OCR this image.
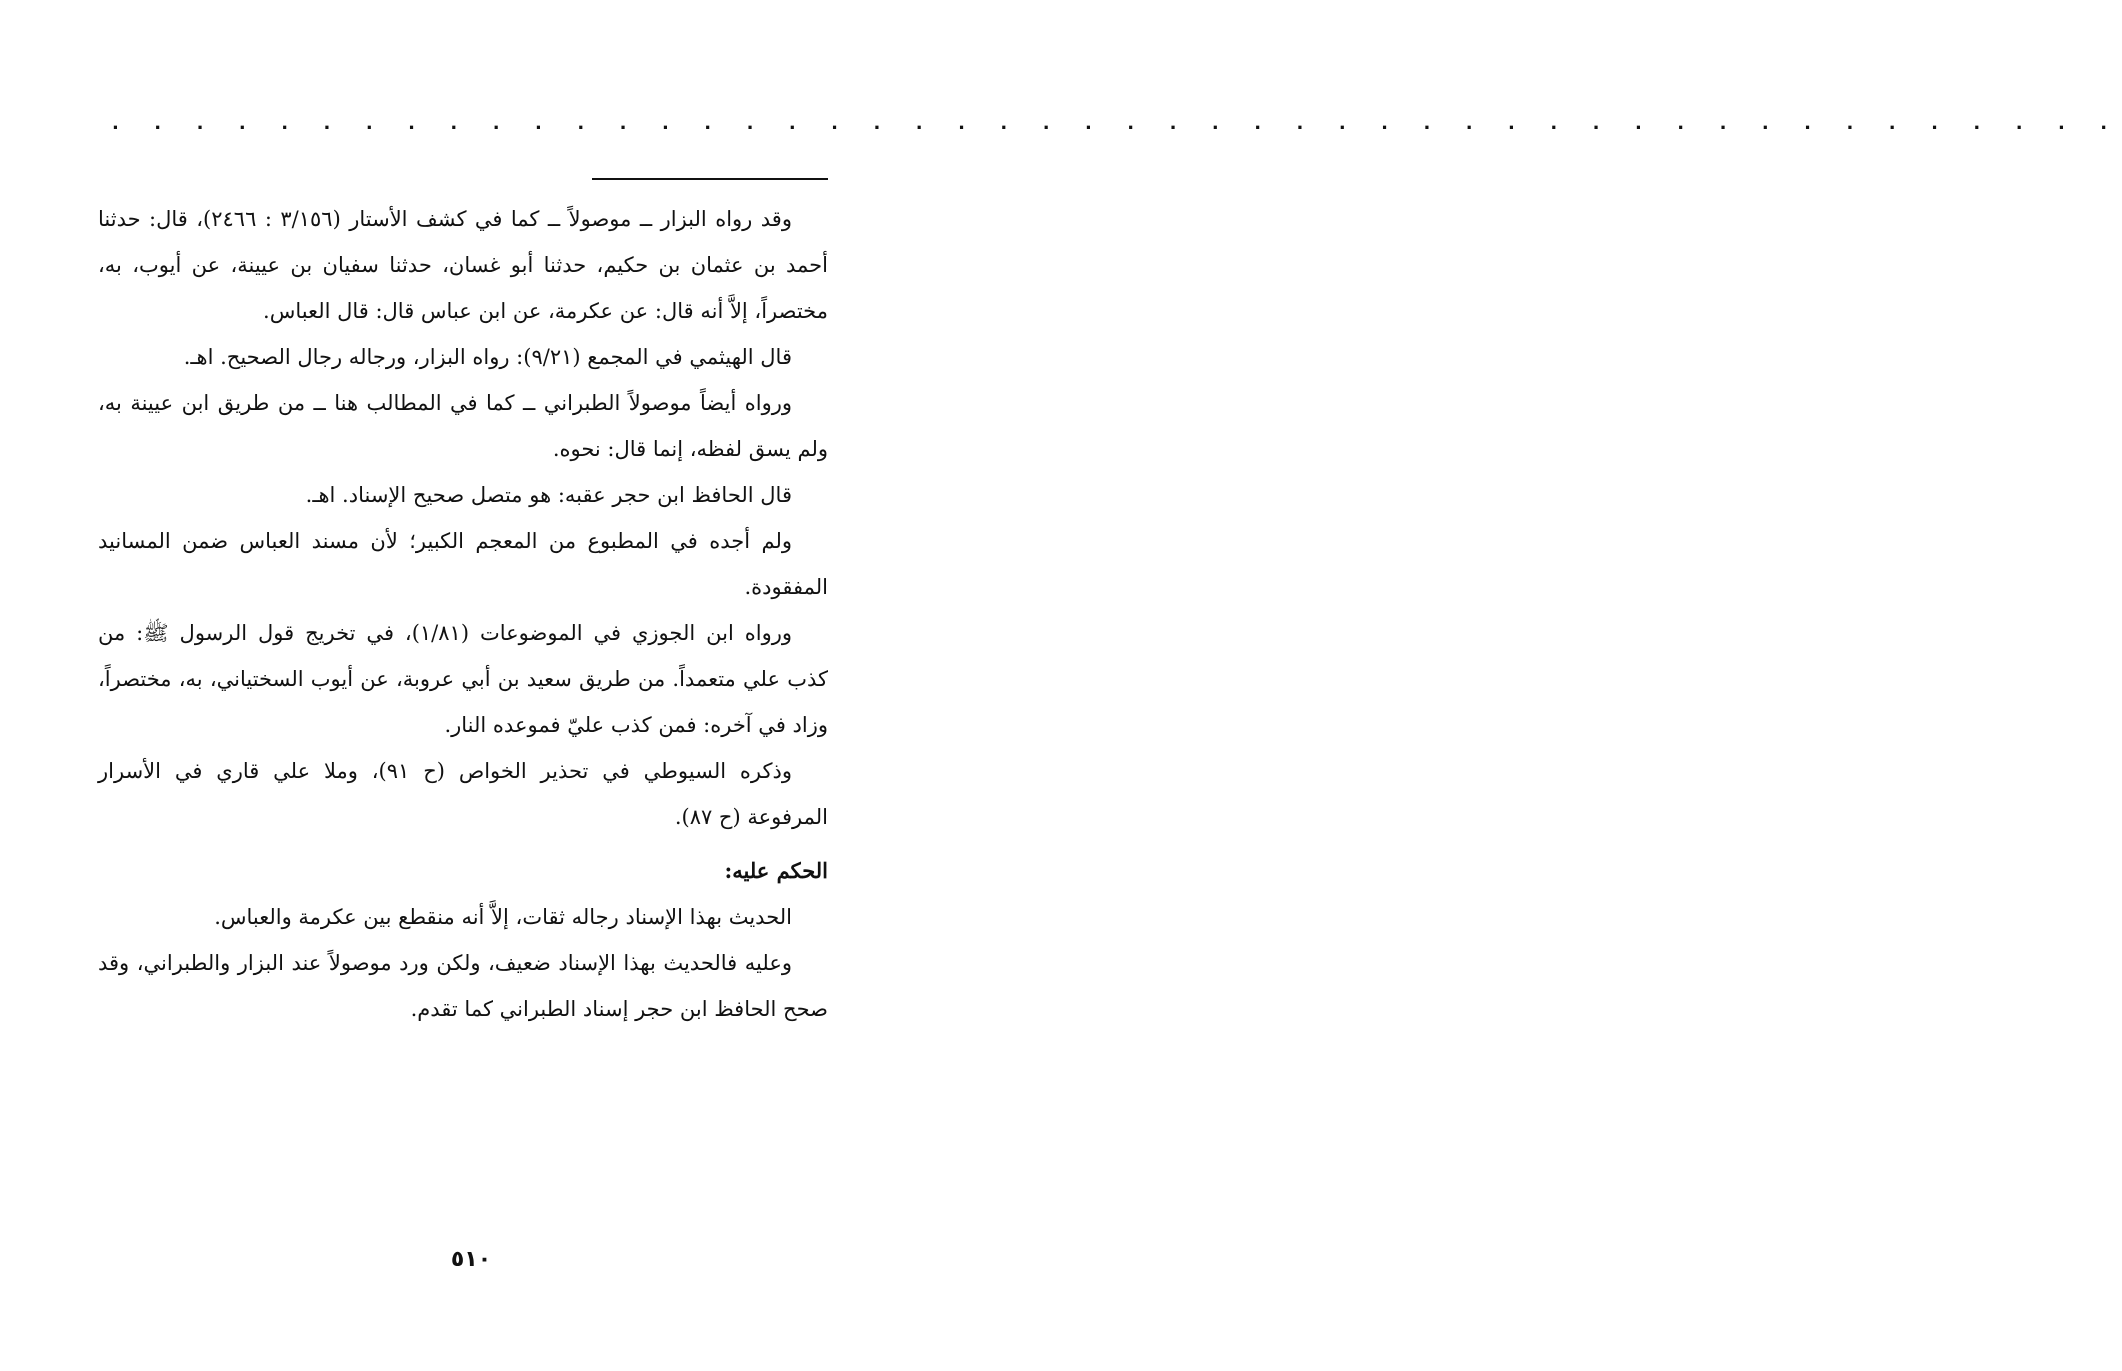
. . . . . . . . . . . . . . . . . . . . . . . . . . . . . . . . . . . . . . . . . . . . . . . .

وقد رواه البزار ــ موصولاً ــ كما في كشف الأستار (٣/١٥٦ : ٢٤٦٦)، قال: حدثنا أحمد بن عثمان بن حكيم، حدثنا أبو غسان، حدثنا سفيان بن عيينة، عن أيوب، به، مختصراً، إلاَّ أنه قال: عن عكرمة، عن ابن عباس قال: قال العباس.

قال الهيثمي في المجمع (٩/٢١): رواه البزار، ورجاله رجال الصحيح. اهـ.

ورواه أيضاً موصولاً الطبراني ــ كما في المطالب هنا ــ من طريق ابن عيينة به، ولم يسق لفظه، إنما قال: نحوه.

قال الحافظ ابن حجر عقبه: هو متصل صحيح الإسناد. اهـ.

ولم أجده في المطبوع من المعجم الكبير؛ لأن مسند العباس ضمن المسانيد المفقودة.

ورواه ابن الجوزي في الموضوعات (١/٨١)، في تخريج قول الرسول ﷺ: من كذب علي متعمداً. من طريق سعيد بن أبي عروبة، عن أيوب السختياني، به، مختصراً، وزاد في آخره: فمن كذب عليّ فموعده النار.

وذكره السيوطي في تحذير الخواص (ح ٩١)، وملا علي قاري في الأسرار المرفوعة (ح ٨٧).

الحكم عليه:

الحديث بهذا الإسناد رجاله ثقات، إلاَّ أنه منقطع بين عكرمة والعباس.

وعليه فالحديث بهذا الإسناد ضعيف، ولكن ورد موصولاً عند البزار والطبراني، وقد صحح الحافظ ابن حجر إسناد الطبراني كما تقدم.

٥١٠
